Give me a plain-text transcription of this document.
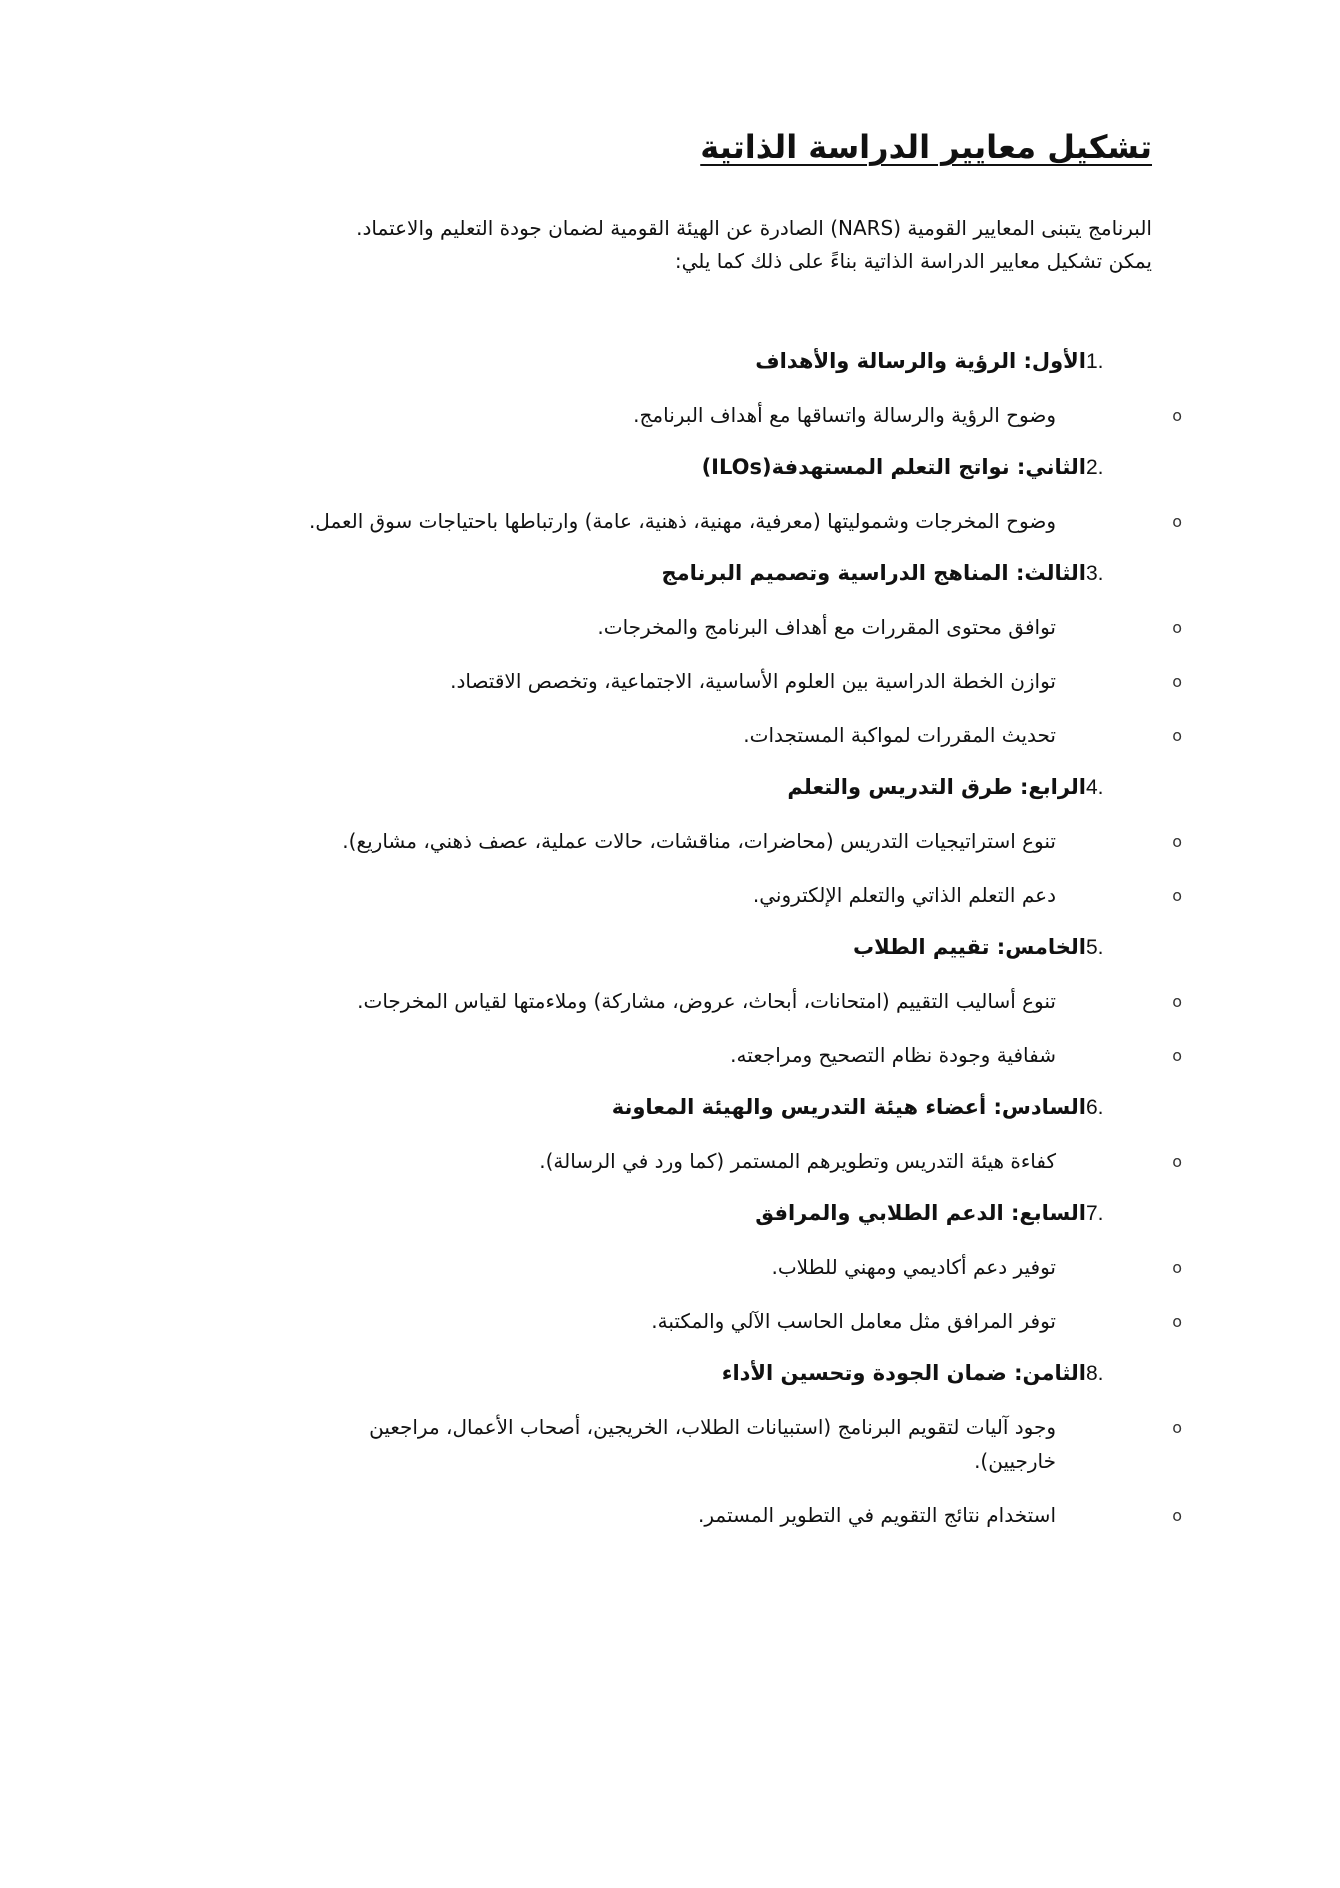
تشكيل معايير الدراسة الذاتية

البرنامج يتبنى المعايير القومية (NARS) الصادرة عن الهيئة القومية لضمان جودة التعليم والاعتماد.

يمكن تشكيل معايير الدراسة الذاتية بناءً على ذلك كما يلي:

1.
الأول:

الرؤية والرسالة والأهداف
o
وضوح الرؤية والرسالة واتساقها مع أهداف البرنامج.
2.
الثاني:

نواتج التعلم المستهدفة(ILOs)
o
وضوح المخرجات وشموليتها (معرفية، مهنية، ذهنية، عامة) وارتباطها باحتياجات سوق العمل.
3.
الثالث:

المناهج الدراسية وتصميم البرنامج
o
توافق محتوى المقررات مع أهداف البرنامج والمخرجات.
o
توازن الخطة الدراسية بين العلوم الأساسية، الاجتماعية، وتخصص الاقتصاد.
o
تحديث المقررات لمواكبة المستجدات.
4.
الرابع:

طرق التدريس والتعلم
o
تنوع استراتيجيات التدريس (محاضرات، مناقشات، حالات عملية، عصف ذهني، مشاريع).
o
دعم التعلم الذاتي والتعلم الإلكتروني.
5.
الخامس:

تقييم الطلاب
o
تنوع أساليب التقييم (امتحانات، أبحاث، عروض، مشاركة) وملاءمتها لقياس المخرجات.
o
شفافية وجودة نظام التصحيح ومراجعته.
6.
السادس:

أعضاء هيئة التدريس والهيئة المعاونة
o
كفاءة هيئة التدريس وتطويرهم المستمر (كما ورد في الرسالة).
7.
السابع:

الدعم الطلابي والمرافق
o
توفير دعم أكاديمي ومهني للطلاب.
o
توفر المرافق مثل معامل الحاسب الآلي والمكتبة.
8.
الثامن:

ضمان الجودة وتحسين الأداء
o
وجود آليات لتقويم البرنامج (استبيانات الطلاب، الخريجين، أصحاب الأعمال، مراجعين خارجيين).
o
استخدام نتائج التقويم في التطوير المستمر.
